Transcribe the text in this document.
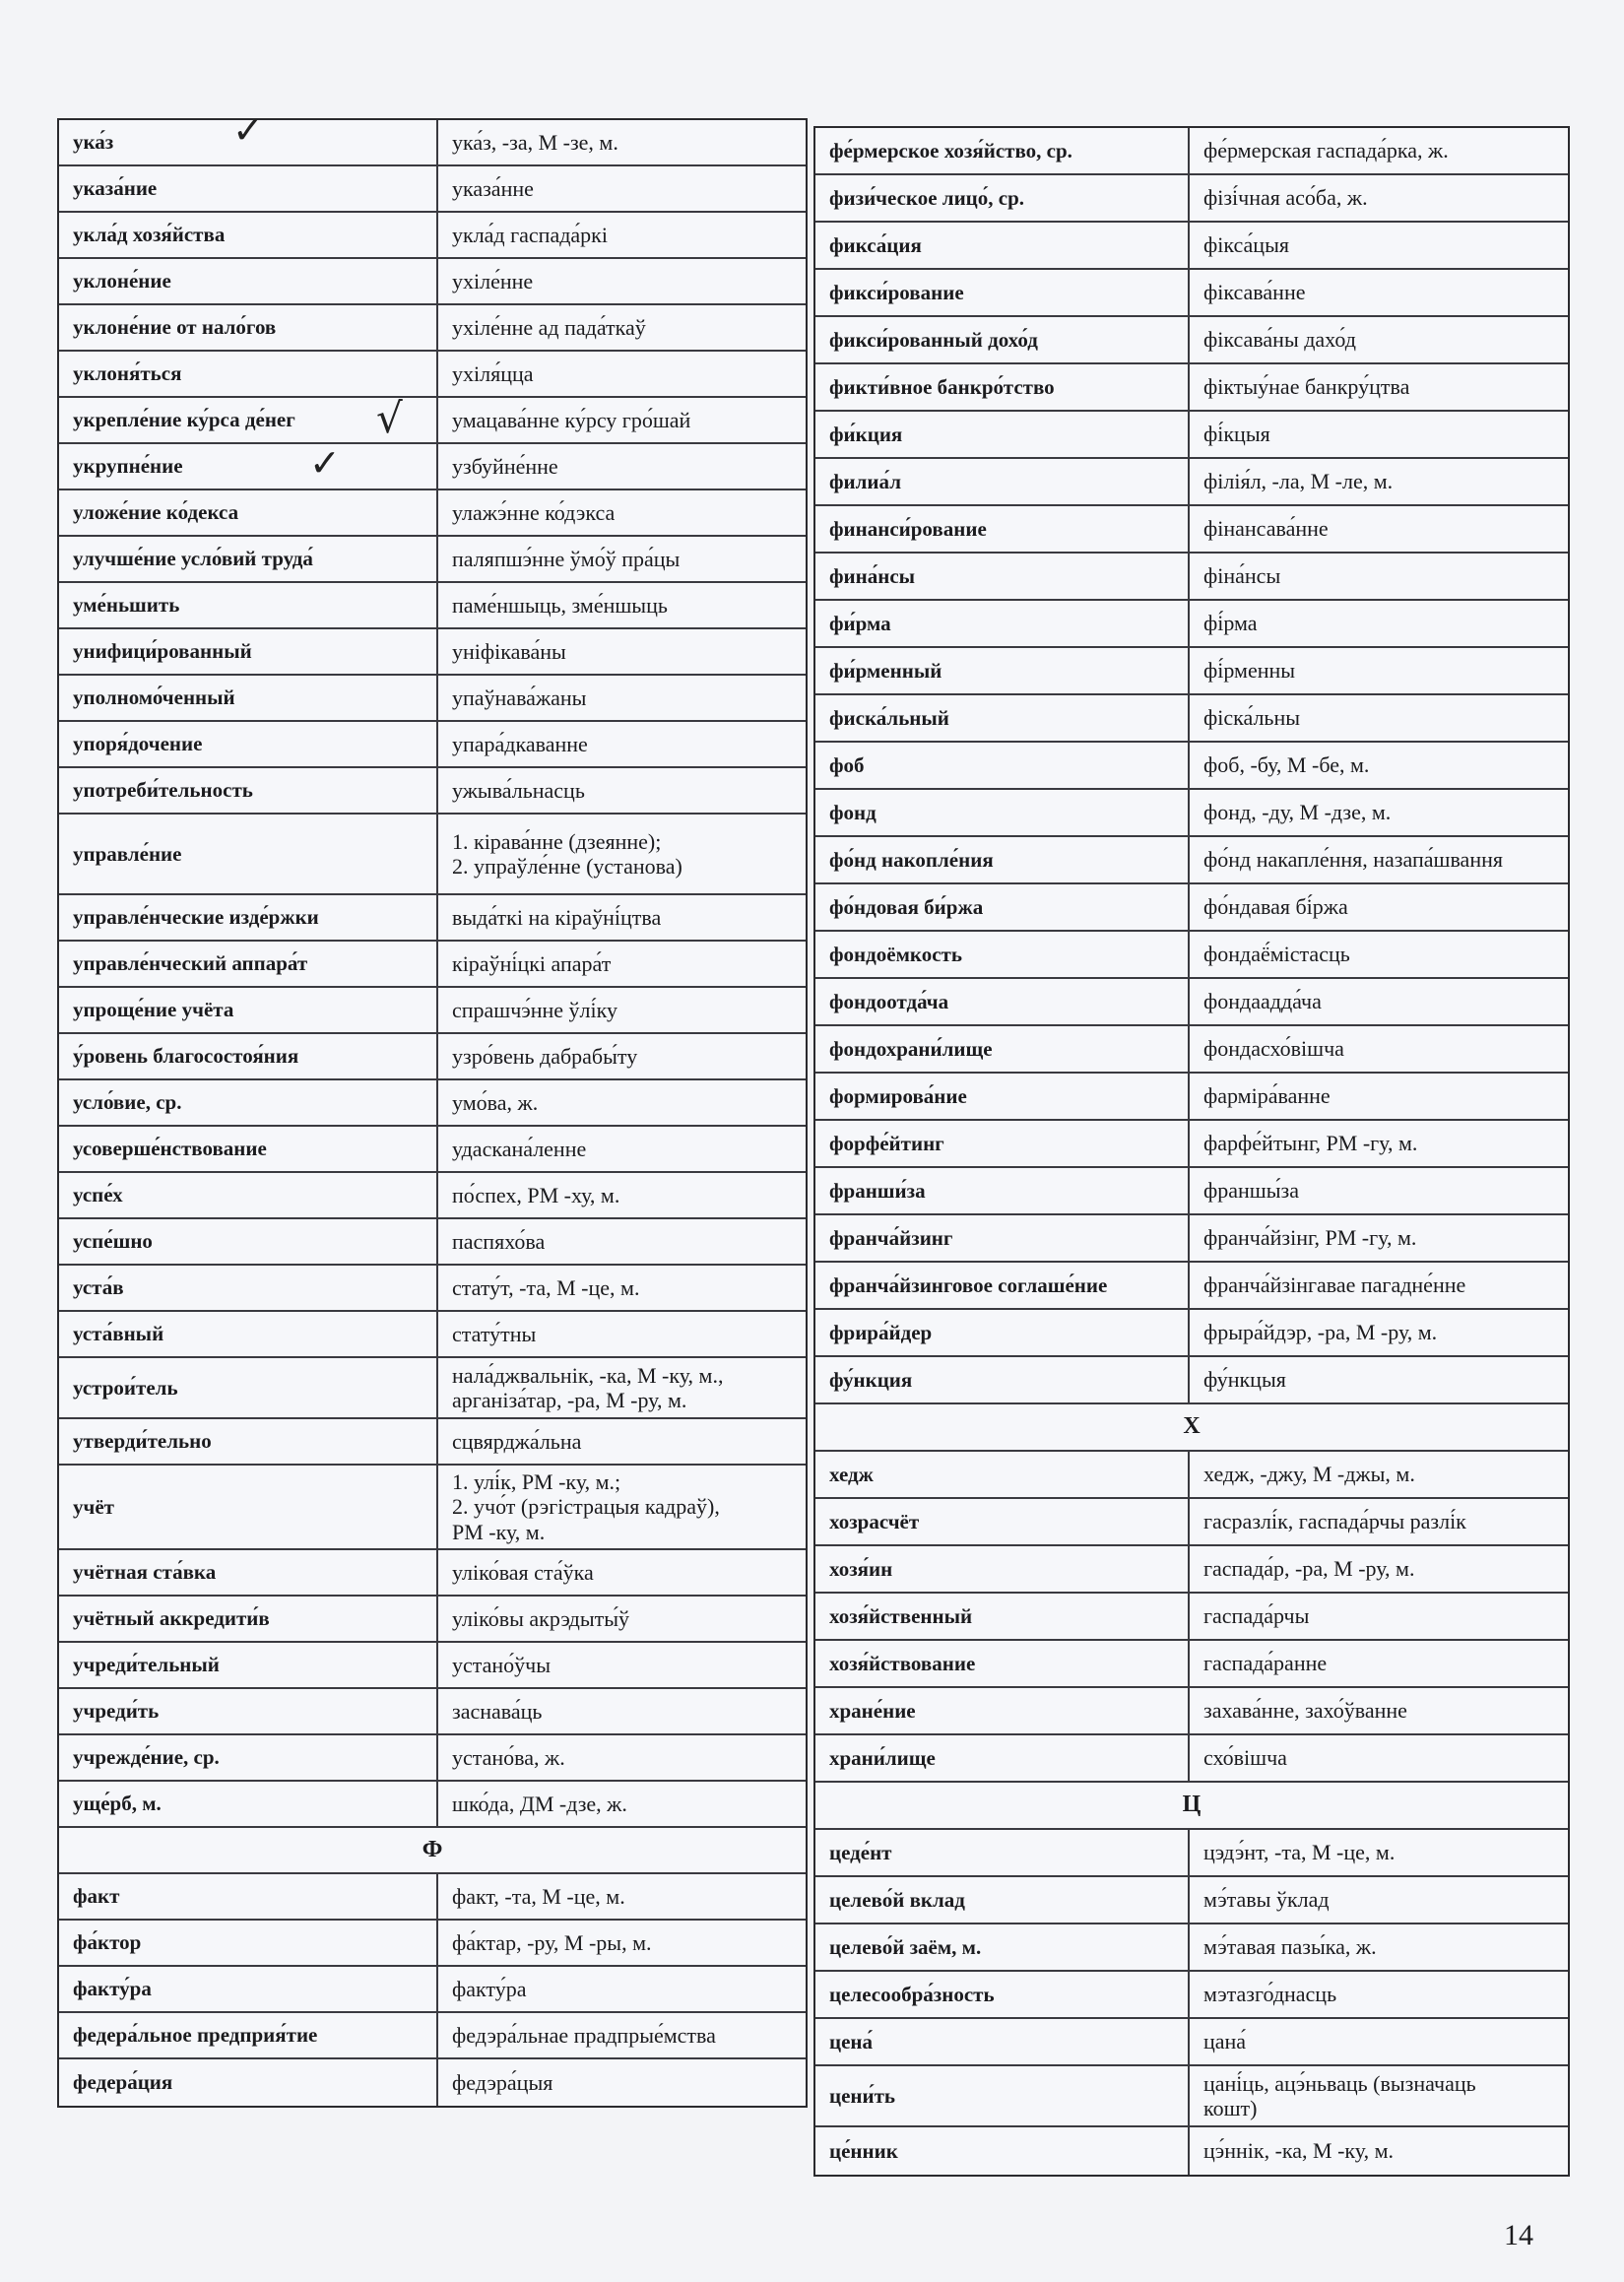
ука́з	ука́з, -за, М -зе, м.
указа́ние	указа́нне
укла́д хозя́йства	укла́д гаспада́ркі
уклоне́ние	ухіле́нне
уклоне́ние от нало́гов	ухіле́нне ад пада́ткаў
уклоня́ться	ухіля́цца
укрепле́ние ку́рса де́нег	умацава́нне ку́рсу гро́шай
укрупне́ние	узбуйне́нне
уложе́ние ко́декса	улажэ́нне ко́дэкса
улучше́ние усло́вий труда́	паляпшэ́нне ўмо́ў пра́цы
уме́ньшить	паме́ншыць, зме́ншыць
унифици́рованный	уніфікава́ны
уполномо́ченный	упаўнава́жаны
упоря́дочение	упара́дкаванне
употреби́тельность	ужыва́льнасць
управле́ние
1. кірава́нне (дзеянне);
2. упраўле́нне (установа)
управле́нческие изде́ржки	выда́ткі на кіраўні́цтва
управле́нческий аппара́т	кіраўні́цкі апара́т
упроще́ние учёта	спрашчэ́нне ўлі́ку
у́ровень благосостоя́ния	узро́вень дабрабы́ту
усло́вие, ср.	умо́ва, ж.
усоверше́нствование	удаскана́ленне
успе́х	по́спех, РМ -ху, м.
успе́шно	паспяхо́ва
уста́в	стату́т, -та, М -це, м.
уста́вный	стату́тны
устрои́тель
нала́джвальнік, -ка, М -ку, м.,
арганіза́тар, -ра, М -ру, м.
утверди́тельно	сцвярджа́льна
учёт
1. улі́к, РМ -ку, м.;
2. учо́т (рэгістрацыя кадраў),
РМ -ку, м.
учётная ста́вка	уліко́вая ста́ўка
учётный аккредити́в	уліко́вы акрэдыты́ў
учреди́тельный	устано́ўчы
учреди́ть	заснава́ць
учрежде́ние, ср.	устано́ва, ж.
уще́рб, м.	шко́да, ДМ -дзе, ж.
Ф
факт	факт, -та, М -це, м.
фа́ктор	фа́ктар, -ру, М -ры, м.
факту́ра	факту́ра
федера́льное предприя́тие	федэра́льнае прадпрые́мства
федера́ция	федэра́цыя
фе́рмерское хозя́йство, ср.	фе́рмерская гаспада́рка, ж.
физи́ческое лицо́, ср.	фізі́чная асо́ба, ж.
фикса́ция	фікса́цыя
фикси́рование	фіксава́нне
фикси́рованный дохо́д	фіксава́ны дахо́д
фикти́вное банкро́тство	фіктыу́нае банкру́цтва
фи́кция	фі́кцыя
филиа́л	філія́л, -ла, М -ле, м.
финанси́рование	фінансава́нне
фина́нсы	фіна́нсы
фи́рма	фі́рма
фи́рменный	фі́рменны
фиска́льный	фіска́льны
фоб	фоб, -бу, М -бе, м.
фонд	фонд, -ду, М -дзе, м.
фо́нд накопле́ния	фо́нд накапле́ння, назапа́швання
фо́ндовая би́ржа	фо́ндавая бі́ржа
фондоёмкость	фондаё́містасць
фондоотда́ча	фондаадда́ча
фондохрани́лище	фондасхо́вішча
формирова́ние	фарміра́ванне
форфе́йтинг	фарфе́йтынг, РМ -гу, м.
франши́за	франшы́за
франча́йзинг	франча́йзінг, РМ -гу, м.
франча́йзинговое соглаше́ние	франча́йзінгавае пагадне́нне
фрира́йдер	фрыра́йдэр, -ра, М -ру, м.
фу́нкция	фу́нкцыя
Х
хедж	хедж, -джу, М -джы, м.
хозрасчёт	гасразлі́к, гаспада́рчы разлі́к
хозя́ин	гаспада́р, -ра, М -ру, м.
хозя́йственный	гаспада́рчы
хозя́йствование	гаспада́ранне
хране́ние	захава́нне, захо́ўванне
храни́лище	схо́вішча
Ц
цеде́нт	цэдэ́нт, -та, М -це, м.
целево́й вклад	мэ́тавы ўклад
целево́й заём, м.	мэ́тавая пазы́ка, ж.
целесообра́зность	мэтазго́днасць
цена́	цана́
цени́ть
цані́ць, ацэ́ньваць (вызначаць
кошт)
це́нник	цэ́ннік, -ка, М -ку, м.
✓
√
✓
14
